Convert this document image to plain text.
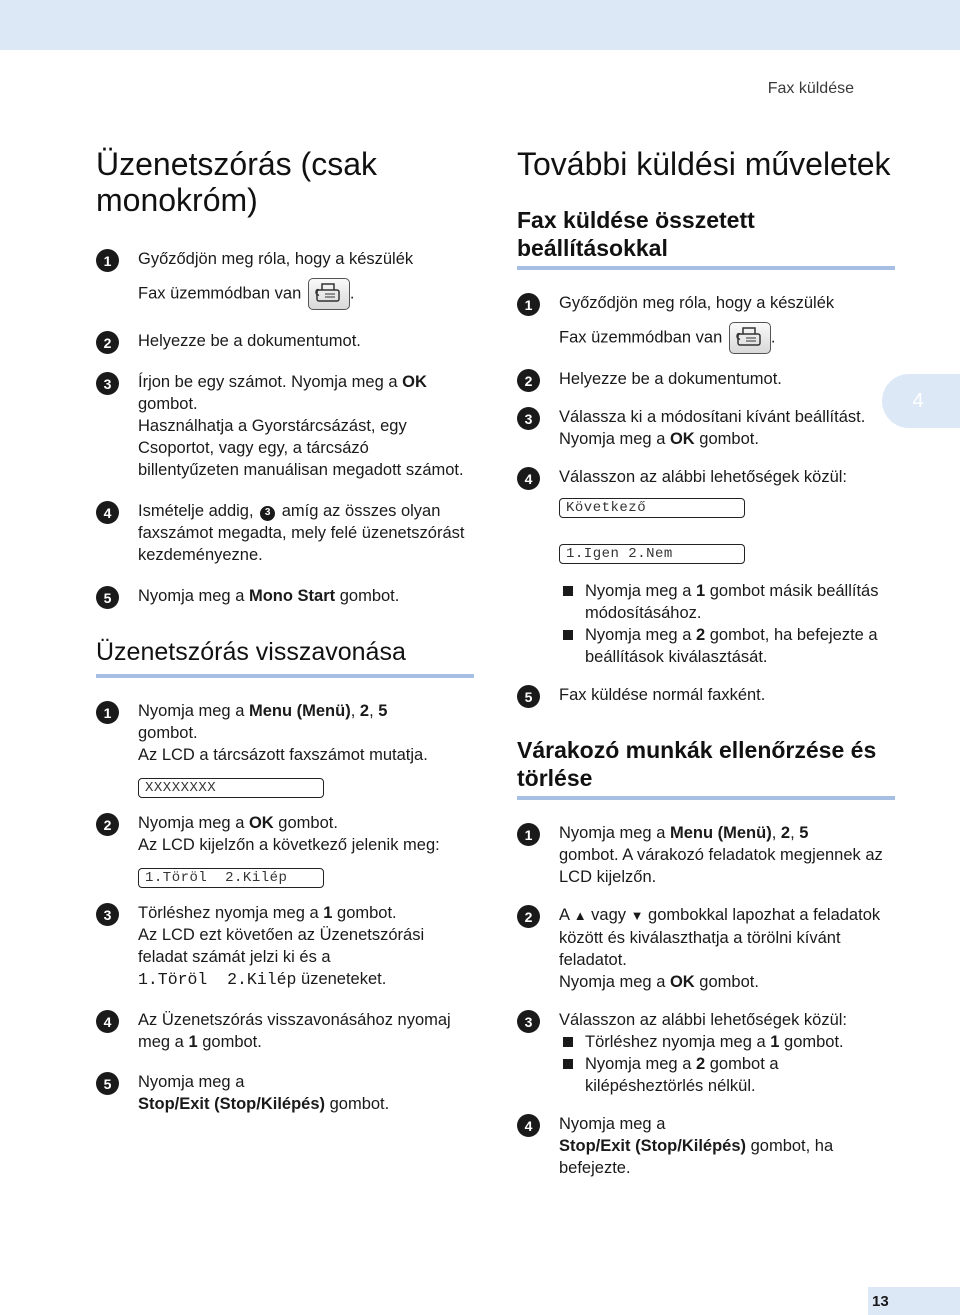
Fax küldése
4
13
Üzenetszórás (csak monokróm)
1	Győződjön meg róla, hogy a készülék

Fax üzemmódban van	.
2	Helyezze be a dokumentumot.
3	Írjon be egy számot. Nyomja meg a OK
gombot.
Használhatja a Gyorstárcsázást, egy Csoportot, vagy egy, a tárcsázó billentyűzeten manuálisan megadott számot.
4	Ismételje addig, 3 amíg az összes olyan faxszámot megadta, mely felé üzenetszórást kezdeményezne.
5	Nyomja meg a Mono Start gombot.
Üzenetszórás visszavonása
1	Nyomja meg a Menu (Menü), 2, 5
gombot.
Az LCD a tárcsázott faxszámot mutatja.
XXXXXXXX
2	Nyomja meg a OK gombot.
Az LCD kijelzőn a következő jelenik meg:
1.Töröl  2.Kilép
3	Törléshez nyomja meg a 1 gombot.
Az LCD ezt követően az Üzenetszórási feladat számát jelzi ki és a
1.Töröl  2.Kilép üzeneteket.
4	Az Üzenetszórás visszavonásához nyomaj meg a 1 gombot.
5	Nyomja meg a
Stop/Exit (Stop/Kilépés) gombot.
További küldési műveletek
Fax küldése összetett beállításokkal
1	Győződjön meg róla, hogy a készülék
Fax üzemmódban van	.
2	Helyezze be a dokumentumot.
3	Válassza ki a módosítani kívánt beállítást.
Nyomja meg a OK gombot.
4	Válasszon az alábbi lehetőségek közül:
Következő
1.Igen 2.Nem
Nyomja meg a 1 gombot másik beállítás módosításához.
Nyomja meg a 2 gombot, ha befejezte a beállítások kiválasztását.
5	Fax küldése normál faxként.
Várakozó munkák ellenőrzése és törlése
1	Nyomja meg a Menu (Menü), 2, 5
gombot. A várakozó feladatok megjennek az LCD kijelzőn.
2	A ▲ vagy ▼ gombokkal lapozhat a feladatok között és kiválaszthatja a törölni kívánt feladatot.
Nyomja meg a OK gombot.
3	Válasszon az alábbi lehetőségek közül:
Törléshez nyomja meg a 1 gombot.
Nyomja meg a 2 gombot a kilépésheztörlés nélkül.
4	Nyomja meg a
Stop/Exit (Stop/Kilépés) gombot, ha befejezte.
